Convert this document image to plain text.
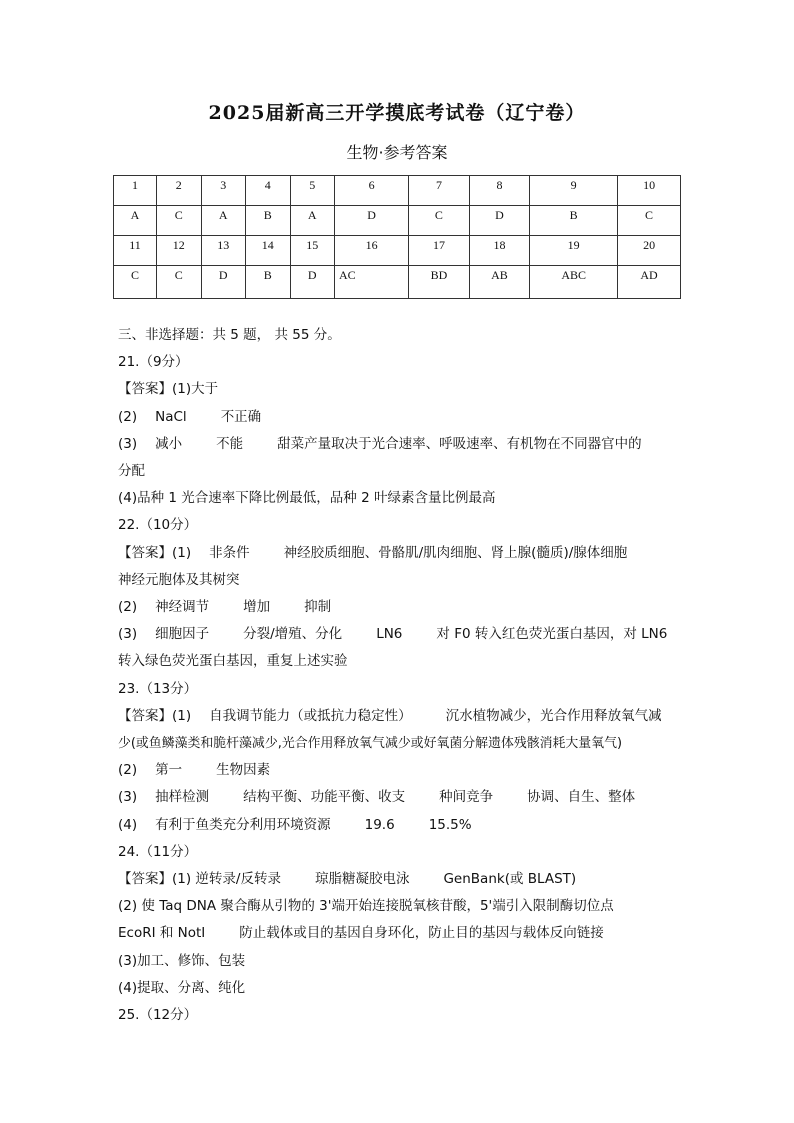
2025届新高三开学摸底考试卷（辽宁卷）
生物·参考答案
1	2	3	4	5	6	7	8	9	10
A	C	A	B	A	D	C	D	B	C
11	12	13	14	15	16	17	18	19	20
C	C	D	B	D	AC	BD	AB	ABC	AD
三、非选择题：共 5 题， 共 55 分。
21.（9分）
【答案】(1)大于
(2) NaCl	不正确
(3) 减小	不能	甜菜产量取决于光合速率、呼吸速率、有机物在不同器官中的
分配
(4)品种 1 光合速率下降比例最低，品种 2 叶绿素含量比例最高
22.（10分）
【答案】(1) 非条件	神经胶质细胞、骨骼肌/肌肉细胞、肾上腺(髓质)/腺体细胞
神经元胞体及其树突
(2) 神经调节	增加	抑制
(3) 细胞因子	分裂/增殖、分化	LN6	对 F0 转入红色荧光蛋白基因，对 LN6
转入绿色荧光蛋白基因，重复上述实验
23.（13分）
【答案】(1) 自我调节能力（或抵抗力稳定性）	沉水植物减少，光合作用释放氧气减
少(或鱼鳞藻类和脆杆藻减少,光合作用释放氧气减少或好氧菌分解遗体残骸消耗大量氧气)
(2) 第一	生物因素
(3) 抽样检测	结构平衡、功能平衡、收支	种间竞争	协调、自生、整体
(4) 有利于鱼类充分利用环境资源	19.6	15.5%
24.（11分）
【答案】(1) 逆转录/反转录	琼脂糖凝胶电泳	GenBank(或 BLAST)
(2) 使 Taq DNA 聚合酶从引物的 3'端开始连接脱氧核苷酸，5'端引入限制酶切位点
EcoRI 和 NotI	防止载体或目的基因自身环化，防止目的基因与载体反向链接
(3)加工、修饰、包装
(4)提取、分离、纯化
25.（12分）
